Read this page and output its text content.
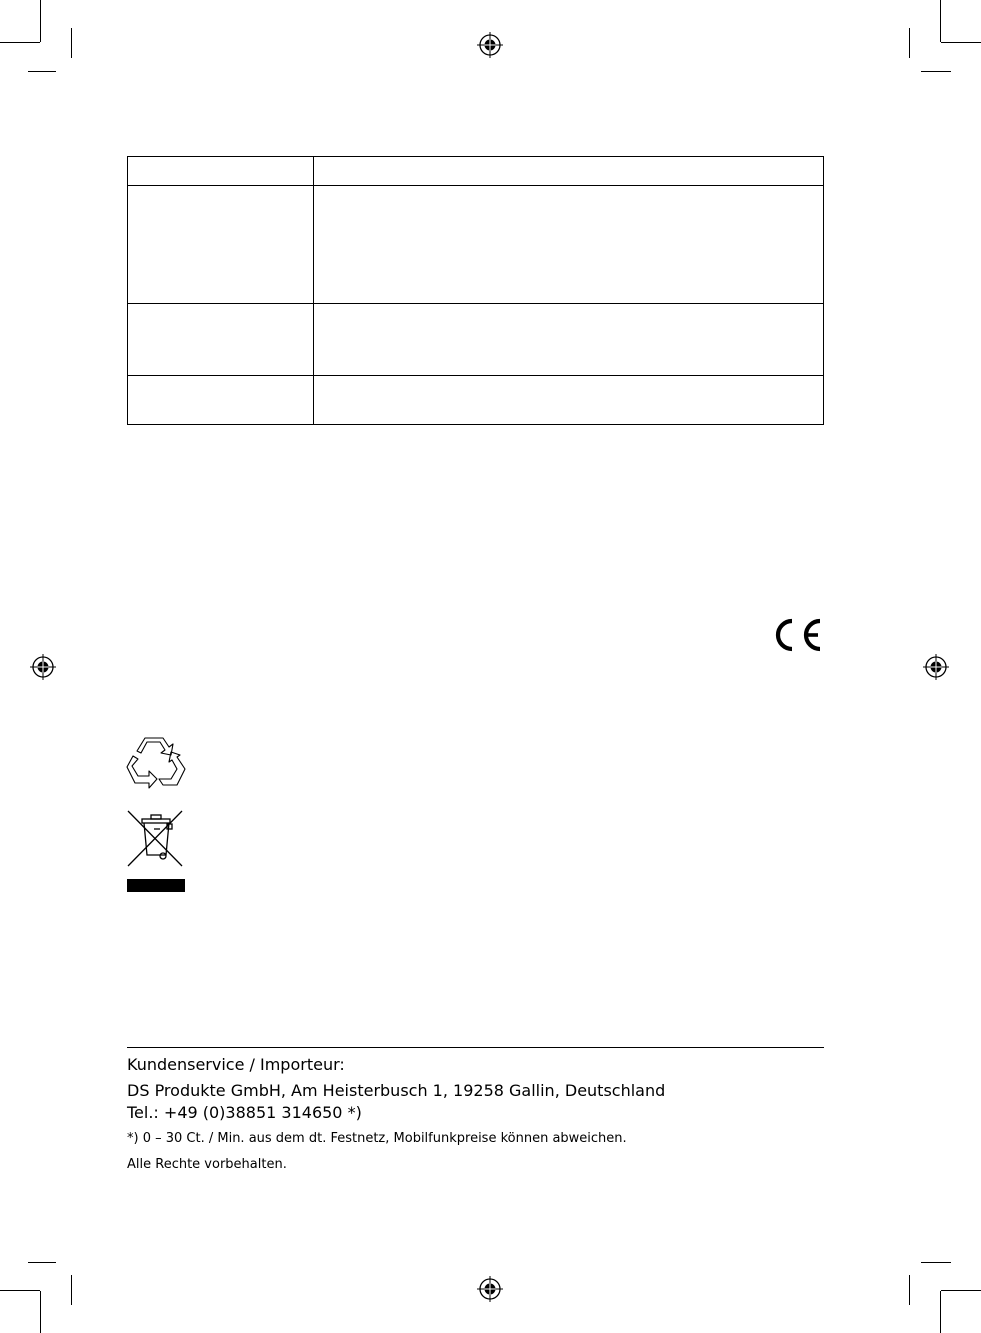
Kundenservice / Importeur:
DS Produkte GmbH, Am Heisterbusch 1, 19258 Gallin, Deutschland
Tel.: +49 (0)38851 314650 *)
*) 0 – 30 Ct. / Min. aus dem dt. Festnetz, Mobilfunkpreise können abweichen.
Alle Rechte vorbehalten.
